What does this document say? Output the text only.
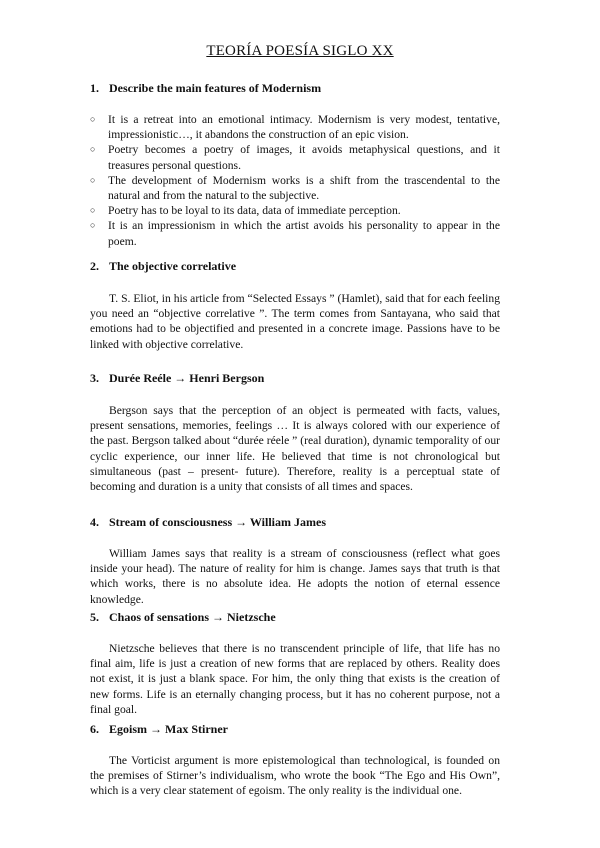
TEORÍA POESÍA SIGLO XX
1. Describe the main features of Modernism
○ It is a retreat into an emotional intimacy. Modernism is very modest, tentative, impressionistic…, it abandons the construction of an epic vision.
○ Poetry becomes a poetry of images, it avoids metaphysical questions, and it treasures personal questions.
○ The development of Modernism works is a shift from the trascendental to the natural and from the natural to the subjective.
○ Poetry has to be loyal to its data, data of immediate perception.
○ It is an impressionism in which the artist avoids his personality to appear in the poem.
2. The objective correlative

T. S. Eliot, in his article from “Selected Essays ” (Hamlet), said that for each feeling you need an “objective correlative ”. The term comes from Santayana, who said that emotions had to be objectified and presented in a concrete image. Passions have to be linked with objective correlative.

3. Durée Reéle → Henri Bergson

Bergson says that the perception of an object is permeated with facts, values, present sensations, memories, feelings … It is always colored with our experience of the past. Bergson talked about “durée réele ” (real duration), dynamic temporality of our cyclic experience, our inner life. He believed that time is not chronological but simultaneous (past – present- future). Therefore, reality is a perceptual state of becoming and duration is a unity that consists of all times and spaces.

4. Stream of consciousness → William James

William James says that reality is a stream of consciousness (reflect what goes inside your head). The nature of reality for him is change. James says that truth is that which works, there is no absolute idea. He adopts the notion of eternal essence knowledge.

5. Chaos of sensations → Nietzsche

Nietzsche believes that there is no transcendent principle of life, that life has no final aim, life is just a creation of new forms that are replaced by others. Reality does not exist, it is just a blank space. For him, the only thing that exists is the creation of new forms. Life is an eternally changing process, but it has no coherent purpose, not a final goal.

6. Egoism → Max Stirner

The Vorticist argument is more epistemological than technological, is founded on the premises of Stirner’s individualism, who wrote the book “The Ego and His Own”, which is a very clear statement of egoism. The only reality is the individual one.
